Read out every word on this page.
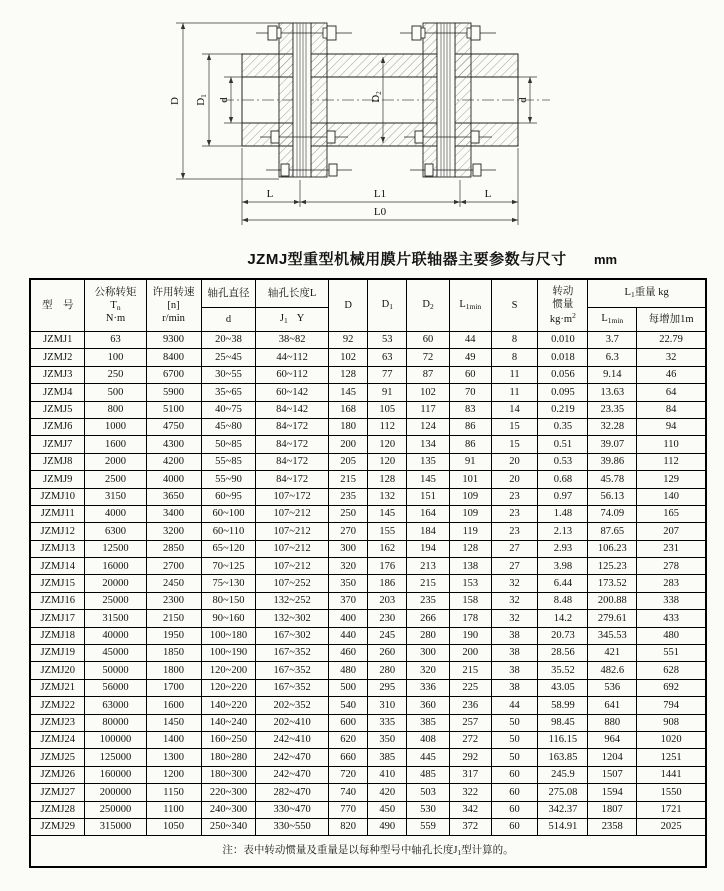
D D1
d	D2
d
L	L1	L
L0
JZMJ型重型机械用膜片联轴器主要参数与尺寸	mm
型　号	公称转矩
$T_n$
N·m	许用转速
[n]
r/min	轴孔直径	轴孔长度L	D	$D_1$	$D_2$	$L_{1min}$	S	转动
惯量
$kg\cdot m^2$	$L_1$重量 kg	
			d	$J_1$ Y							$L_{1min}$	每增加1m
JZMJ1	63	9300	20~38	38~82	92	53	60	44	8	0.010	3.7	22.79
JZMJ2	100	8400	25~45	44~112	102	63	72	49	8	0.018	6.3	32
JZMJ3	250	6700	30~55	60~112	128	77	87	60	11	0.056	9.14	46
JZMJ4	500	5900	35~65	60~142	145	91	102	70	11	0.095	13.63	64
JZMJ5	800	5100	40~75	84~142	168	105	117	83	14	0.219	23.35	84
JZMJ6	1000	4750	45~80	84~172	180	112	124	86	15	0.35	32.28	94
JZMJ7	1600	4300	50~85	84~172	200	120	134	86	15	0.51	39.07	110
JZMJ8	2000	4200	55~85	84~172	205	120	135	91	20	0.53	39.86	112
JZMJ9	2500	4000	55~90	84~172	215	128	145	101	20	0.68	45.78	129
JZMJ10	3150	3650	60~95	107~172	235	132	151	109	23	0.97	56.13	140
JZMJ11	4000	3400	60~100	107~212	250	145	164	109	23	1.48	74.09	165
JZMJ12	6300	3200	60~110	107~212	270	155	184	119	23	2.13	87.65	207
JZMJ13	12500	2850	65~120	107~212	300	162	194	128	27	2.93	106.23	231
JZMJ14	16000	2700	70~125	107~212	320	176	213	138	27	3.98	125.23	278
JZMJ15	20000	2450	75~130	107~252	350	186	215	153	32	6.44	173.52	283
JZMJ16	25000	2300	80~150	132~252	370	203	235	158	32	8.48	200.88	338
JZMJ17	31500	2150	90~160	132~302	400	230	266	178	32	14.2	279.61	433
JZMJ18	40000	1950	100~180	167~302	440	245	280	190	38	20.73	345.53	480
JZMJ19	45000	1850	100~190	167~352	460	260	300	200	38	28.56	421	551
JZMJ20	50000	1800	120~200	167~352	480	280	320	215	38	35.52	482.6	628
JZMJ21	56000	1700	120~220	167~352	500	295	336	225	38	43.05	536	692
JZMJ22	63000	1600	140~220	202~352	540	310	360	236	44	58.99	641	794
JZMJ23	80000	1450	140~240	202~410	600	335	385	257	50	98.45	880	908
JZMJ24	100000	1400	160~250	242~410	620	350	408	272	50	116.15	964	1020
JZMJ25	125000	1300	180~280	242~470	660	385	445	292	50	163.85	1204	1251
JZMJ26	160000	1200	180~300	242~470	720	410	485	317	60	245.9	1507	1441
JZMJ27	200000	1150	220~300	282~470	740	420	503	322	60	275.08	1594	1550
JZMJ28	250000	1100	240~300	330~470	770	450	530	342	60	342.37	1807	1721
JZMJ29	315000	1050	250~340	330~550	820	490	559	372	60	514.91	2358	2025
注：表中转动惯量及重量是以每种型号中轴孔长度$J_1$型计算的。												
